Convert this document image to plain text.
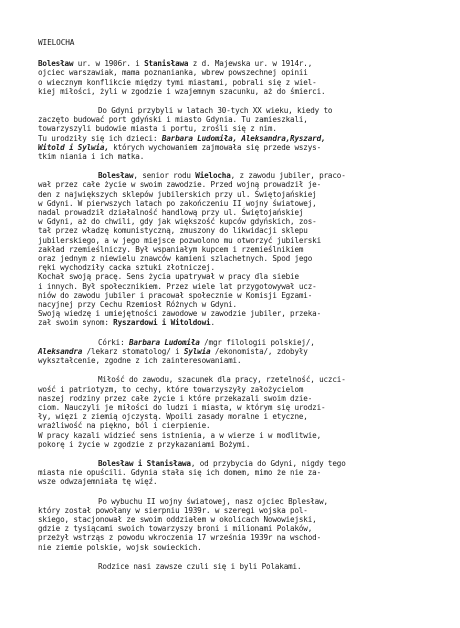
WIELOCHA
Bolesław ur. w 1906r. i Stanisława z d. Majewska ur. w 1914r.,
ojciec warszawiak, mama poznanianka, wbrew powszechnej opinii
o wiecznym konflikcie między tymi miastami, pobrali się z wiel-
kiej miłości, żyli w zgodzie i wzajemnym szacunku, aż do śmierci.
Do Gdyni przybyli w latach 30-tych XX wieku, kiedy to
zaczęto budować port gdyński i miasto Gdynia. Tu zamieszkali,
towarzyszyli budowie miasta i portu, zrośli się z nim.
Tu urodziły się ich dzieci: Barbara Ludomiła, Aleksandra,Ryszard,
Witold i Sylwia, których wychowaniem zajmowała się przede wszys-
tkim niania i ich matka.
Bolesław, senior rodu Wielocha, z zawodu jubiler, praco-
wał przez całe życie w swoim zawodzie. Przed wojną prowadził je-
den z największych sklepów jubilerskich przy ul. Świętojańskiej
w Gdyni. W pierwszych latach po zakończeniu II wojny światowej,
nadal prowadził działalność handlową przy ul. Świętojańskiej
w Gdyni, aż do chwili, gdy jak większość kupców gdyńskich, zos-
tał przez władzę komunistyczną, zmuszony do likwidacji sklepu
jubilerskiego, a w jego miejsce pozwolono mu otworzyć jubilerski
zakład rzemieślniczy. Był wspaniałym kupcem i rzemieślnikiem
oraz jednym z niewielu znawców kamieni szlachetnych. Spod jego
ręki wychodziły cacka sztuki złotniczej.
Kochał swoją pracę. Sens życia upatrywał w pracy dla siebie
i innych. Był społecznikiem. Przez wiele lat przygotowywał ucz-
niów do zawodu jubiler i pracował społecznie w Komisji Egzami-
nacyjnej przy Cechu Rzemiosł Różnych w Gdyni.
Swoją wiedzę i umiejętności zawodowe w zawodzie jubiler, przeka-
zał swoim synom: Ryszardowi i Witoldowi.
Córki: Barbara Ludomiła /mgr filologii polskiej/,
Aleksandra /lekarz stomatolog/ i Sylwia /ekonomista/, zdobyły
wykształcenie, zgodne z ich zainteresowaniami.
Miłość do zawodu, szacunek dla pracy, rzetelność, uczci-
wość i patriotyzm, to cechy, które towarzyszyły założycielom
naszej rodziny przez całe życie i które przekazali swoim dzie-
ciom. Nauczyli je miłości do ludzi i miasta, w którym się urodzi-
ły, więzi z ziemią ojczystą. Wpoili zasady moralne i etyczne,
wrażliwość na piękno, ból i cierpienie.
W pracy kazali widzieć sens istnienia, a w wierze i w modlitwie,
pokorę i życie w zgodzie z przykazaniami Bożymi.
Bolesław i Stanisława, od przybycia do Gdyni, nigdy tego
miasta nie opuścili. Gdynia stała się ich domem, mimo że nie za-
wsze odwzajemniała tę więź.
Po wybuchu II wojny światowej, nasz ojciec Bplesław,
który został powołany w sierpniu 1939r. w szeregi wojska pol-
skiego, stacjonował ze swoim oddziałem w okolicach Nowowiejski,
gdzie z tysiącami swoich towarzyszy broni i milionami Polaków,
przeżył wstrząs z powodu wkroczenia 17 września 1939r na wschod-
nie ziemie polskie, wojsk sowieckich.
Rodzice nasi zawsze czuli się i byli Polakami.
